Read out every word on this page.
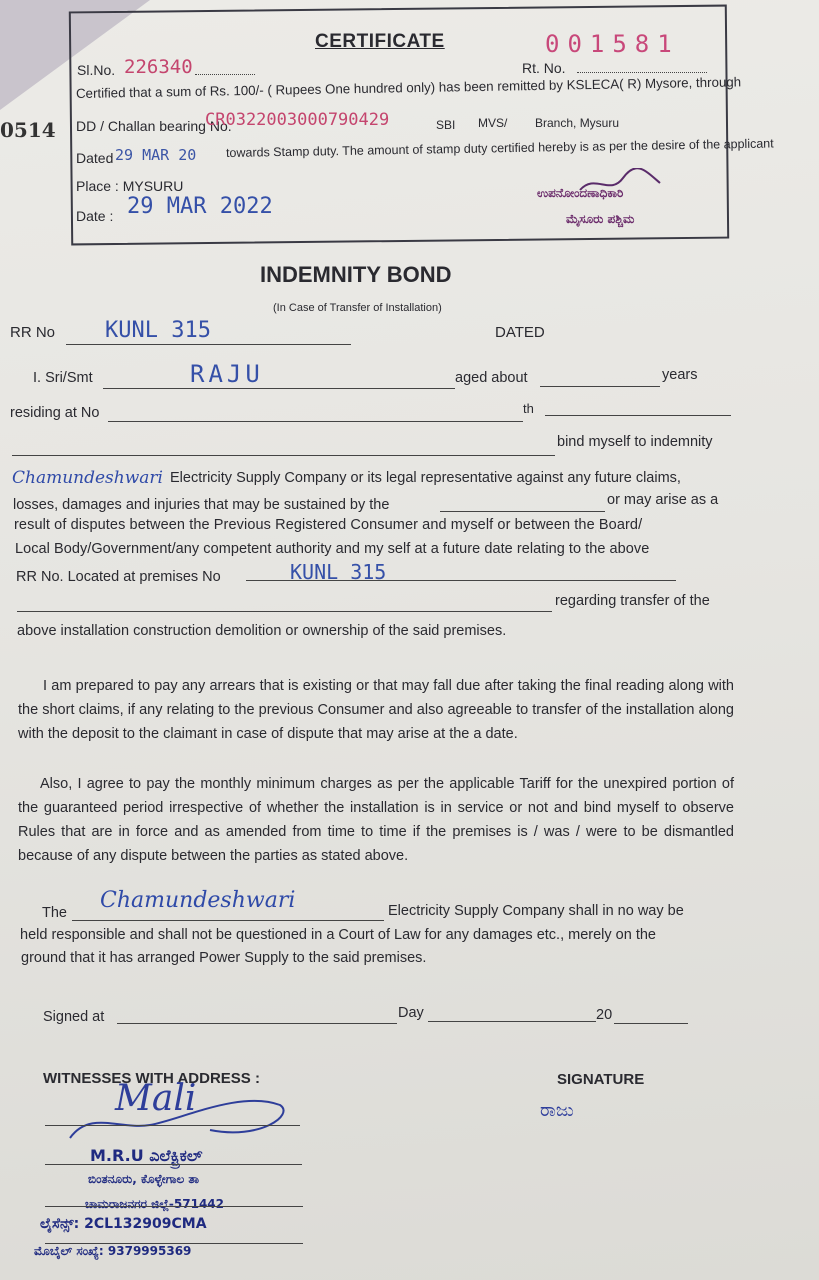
0514
CERTIFICATE	001581
Sl.No. 226340	Rt. No.
Certified that a sum of Rs. 100/- ( Rupees One hundred only) has been remitted by KSLECA( R) Mysore, through
DD / Challan bearing No.
CR0322003000790429	SBI MVS/ Branch, Mysuru
Dated 29 MAR 20 towards Stamp duty. The amount of stamp duty certified hereby is as per the desire of the applicant
Place : MYSURU
Date : 29 MAR 2022
ಉಪನೋಂದಣಾಧಿಕಾರಿ
ಮೈಸೂರು ಪಶ್ಚಿಮ
INDEMNITY BOND
(In Case of Transfer of Installation)
RR No KUNL 315	DATED
I. Sri/Smt	RAJU	aged about	years
residing at No	th
bind myself to indemnity
Chamundeshwari Electricity Supply Company or its legal representative against any future claims,
losses, damages and injuries that may be sustained by the	or may arise as a
result of disputes between the Previous Registered Consumer and myself or between the Board/
Local Body/Government/any competent authority and my self at a future date relating to the above
RR No. Located at premises No	KUNL 315
regarding transfer of the
above installation construction demolition or ownership of the said premises.
I am prepared to pay any arrears that is existing or that may fall due after taking the final reading along with the short claims, if any relating to the previous Consumer and also agreeable to transfer of the installation along with the deposit to the claimant in case of dispute that may arise at the a date.
Also, I agree to pay the monthly minimum charges as per the applicable Tariff for the unexpired portion of the guaranteed period irrespective of whether the installation is in service or not and bind myself to observe Rules that are in force and as amended from time to time if the premises is / was / were to be dismantled because of any dispute between the parties as stated above.
The Chamundeshwari	Electricity Supply Company shall in no way be
held responsible and shall not be questioned in a Court of Law for any damages etc., merely on the
ground that it has arranged Power Supply to the said premises.
Signed at	Day	20
WITNESSES WITH ADDRESS :	SIGNATURE
Mali	ರಾಜು
M.R.U ಎಲೆಕ್ಟ್ರಿಕಲ್
ಬಿಂತನೂರು, ಕೊಳ್ಳೇಗಾಲ ತಾ
ಚಾಮರಾಜನಗರ ಜಿಲ್ಲೆ-571442
ಲೈಸೆನ್ಸ್: 2CL132909CMA
ಮೊಬೈಲ್ ಸಂಖ್ಯೆ: 9379995369
